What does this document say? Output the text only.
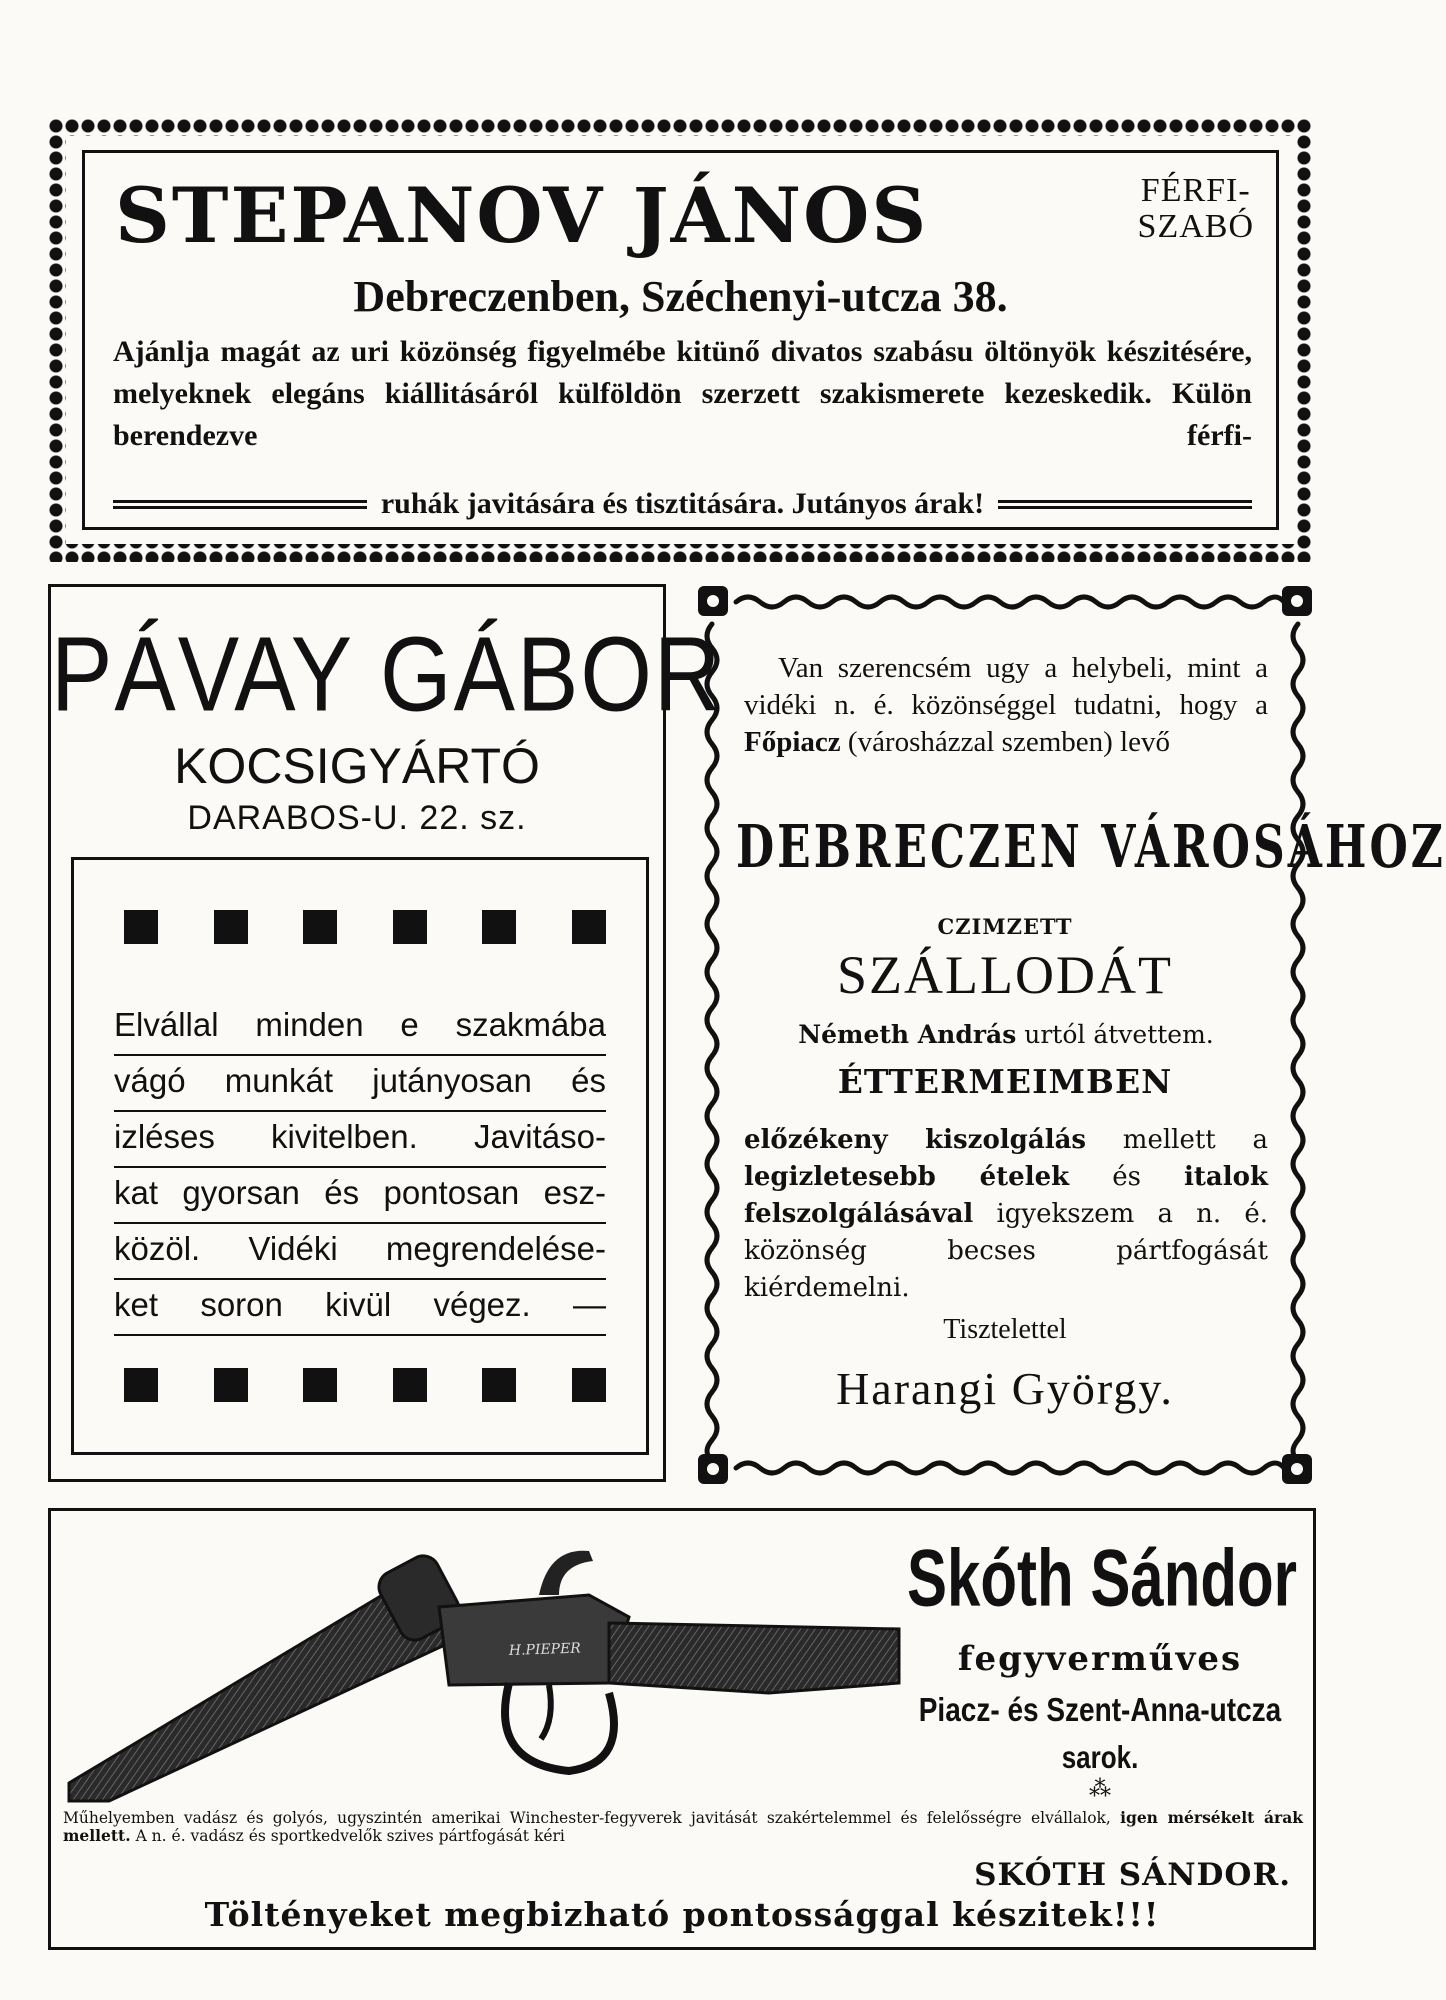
STEPANOV JÁNOS	FÉRFI-
SZABÓ
Debreczenben, Széchenyi-utcza 38.
Ajánlja magát az uri közönség figyelmébe kitünő divatos szabásu öltönyök készitésére, melyeknek elegáns kiállitásáról külföldön szerzett szakismerete kezeskedik. Külön berendezve férfi-
ruhák javitására és tisztitására. Jutányos árak!
PÁVAY GÁBOR
KOCSIGYÁRTÓ
DARABOS-U. 22. sz.
Elvállal minden e szakmába
vágó munkát jutányosan és
izléses kivitelben. Javitáso-
kat gyorsan és pontosan esz-
közöl. Vidéki megrendelése-
ket soron kivül végez. —
Van szerencsém ugy a helybeli, mint a vidéki n. é. közönséggel tudatni, hogy a Főpiacz (városházzal szemben) levő
DEBRECZEN VÁROSÁHOZ
CZIMZETT
SZÁLLODÁT
Németh András urtól átvettem.
ÉTTERMEIMBEN
előzékeny kiszolgálás mellett a legizletesebb ételek és italok felszolgálásával igyekszem a n. é. közönség becses pártfogását kiérdemelni.
Tisztelettel
Harangi György.
H.PIEPER
Skóth Sándor
fegyverműves
Piacz- és Szent-Anna-utcza
sarok.
⁂
Műhelyemben vadász és golyós, ugyszintén amerikai Winchester-fegyverek javitását szakértelemmel és felelősségre elvállalok, igen mérsékelt árak mellett. A n. é. vadász és sportkedvelők szives pártfogását kéri
SKÓTH SÁNDOR.
Töltényeket megbizható pontossággal készitek!!!
